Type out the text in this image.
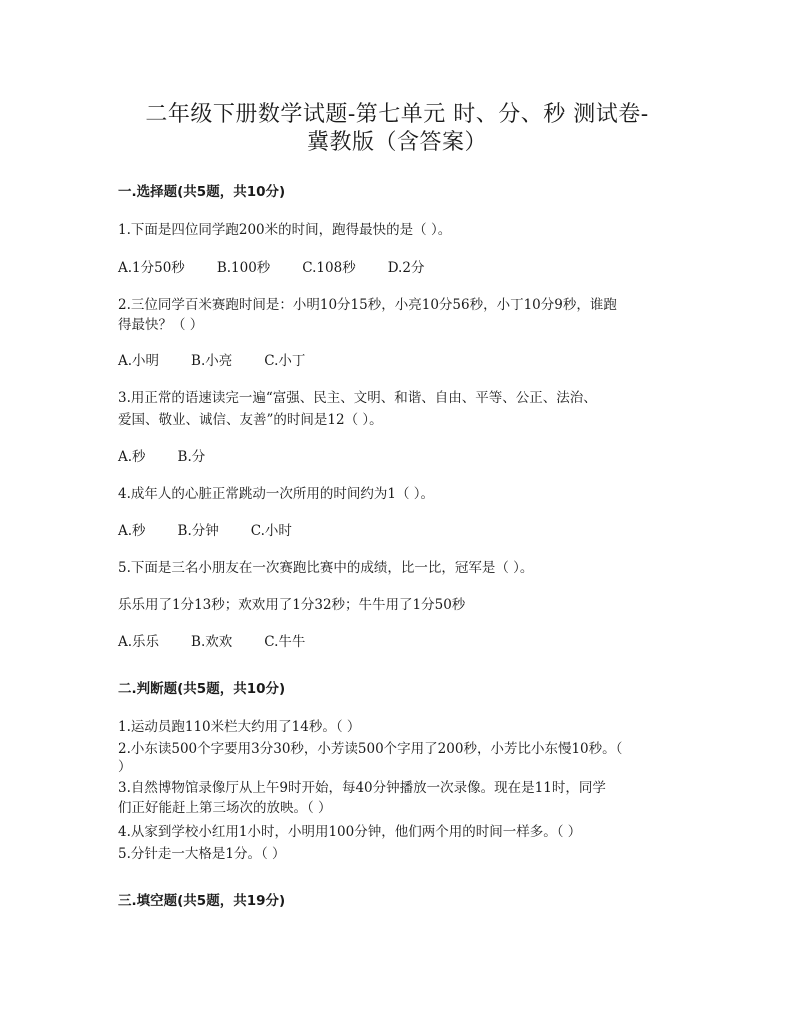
二年级下册数学试题-第七单元 时、分、秒 测试卷-
冀教版（含答案）
一.选择题(共5题，共10分)
1.下面是四位同学跑200米的时间，跑得最快的是（ ）。
A.1分50秒 B.100秒 C.108秒 D.2分
2.三位同学百米赛跑时间是：小明10分15秒，小亮10分56秒，小丁10分9秒，谁跑
得最快？（ ）
A.小明 B.小亮 C.小丁
3.用正常的语速读完一遍“富强、民主、文明、和谐、自由、平等、公正、法治、
爱国、敬业、诚信、友善”的时间是12（ ）。
A.秒 B.分
4.成年人的心脏正常跳动一次所用的时间约为1（ ）。
A.秒 B.分钟 C.小时
5.下面是三名小朋友在一次赛跑比赛中的成绩，比一比，冠军是（ ）。
乐乐用了1分13秒；欢欢用了1分32秒；牛牛用了1分50秒
A.乐乐 B.欢欢 C.牛牛
二.判断题(共5题，共10分)
1.运动员跑110米栏大约用了14秒。（ ）
2.小东读500个字要用3分30秒，小芳读500个字用了200秒，小芳比小东慢10秒。（
）
3.自然博物馆录像厅从上午9时开始，每40分钟播放一次录像。现在是11时，同学
们正好能赶上第三场次的放映。（ ）
4.从家到学校小红用1小时，小明用100分钟，他们两个用的时间一样多。（ ）
5.分针走一大格是1分。（ ）
三.填空题(共5题，共19分)
